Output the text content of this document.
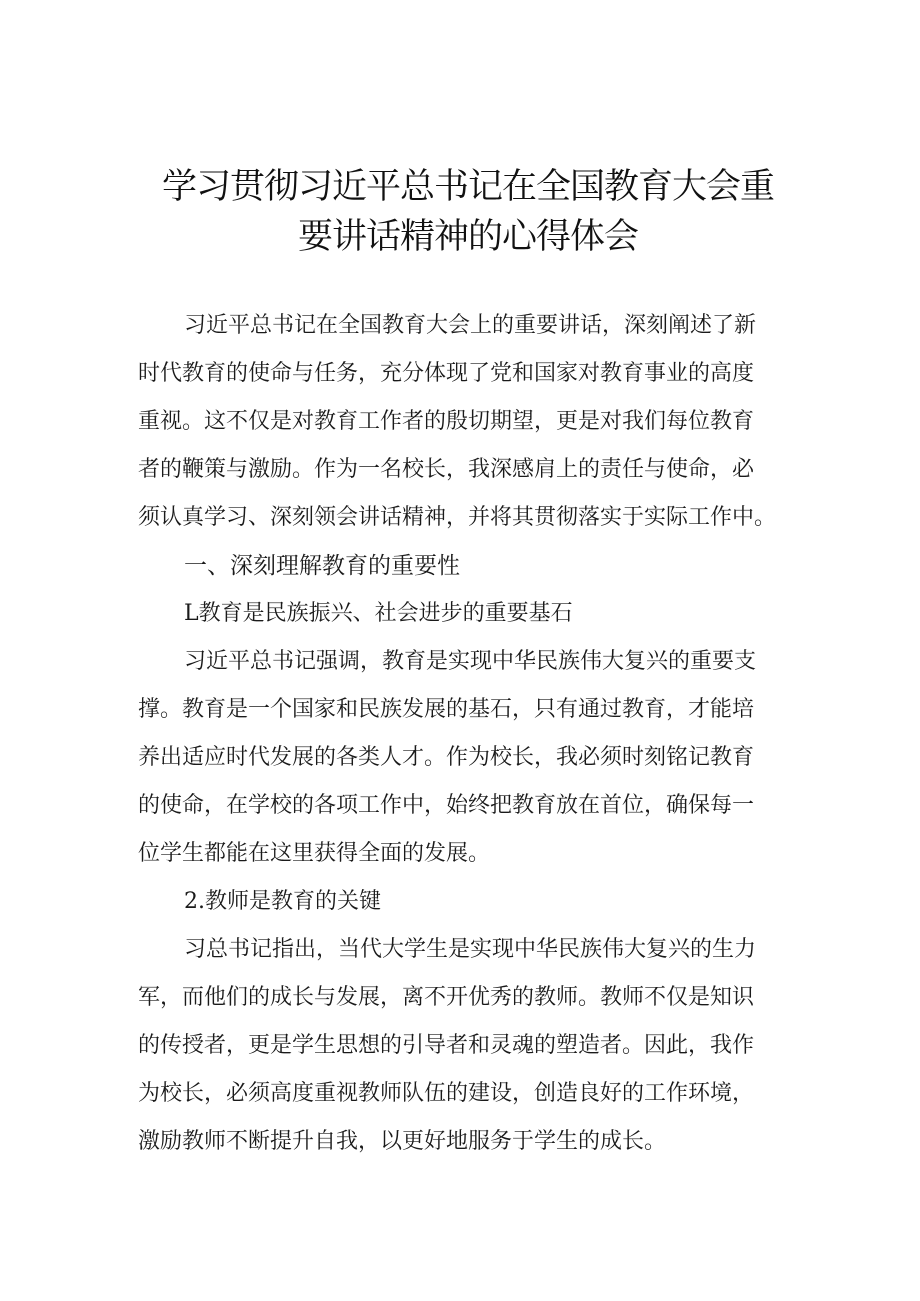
学习贯彻习近平总书记在全国教育大会重
要讲话精神的心得体会
习近平总书记在全国教育大会上的重要讲话，深刻阐述了新
时代教育的使命与任务，充分体现了党和国家对教育事业的高度
重视。这不仅是对教育工作者的殷切期望，更是对我们每位教育
者的鞭策与激励。作为一名校长，我深感肩上的责任与使命，必
须认真学习、深刻领会讲话精神，并将其贯彻落实于实际工作中。
一、深刻理解教育的重要性
L教育是民族振兴、社会进步的重要基石
习近平总书记强调，教育是实现中华民族伟大复兴的重要支
撑。教育是一个国家和民族发展的基石，只有通过教育，才能培
养出适应时代发展的各类人才。作为校长，我必须时刻铭记教育
的使命，在学校的各项工作中，始终把教育放在首位，确保每一
位学生都能在这里获得全面的发展。
2.教师是教育的关键
习总书记指出，当代大学生是实现中华民族伟大复兴的生力
军，而他们的成长与发展，离不开优秀的教师。教师不仅是知识
的传授者，更是学生思想的引导者和灵魂的塑造者。因此，我作
为校长，必须高度重视教师队伍的建设，创造良好的工作环境，
激励教师不断提升自我，以更好地服务于学生的成长。
